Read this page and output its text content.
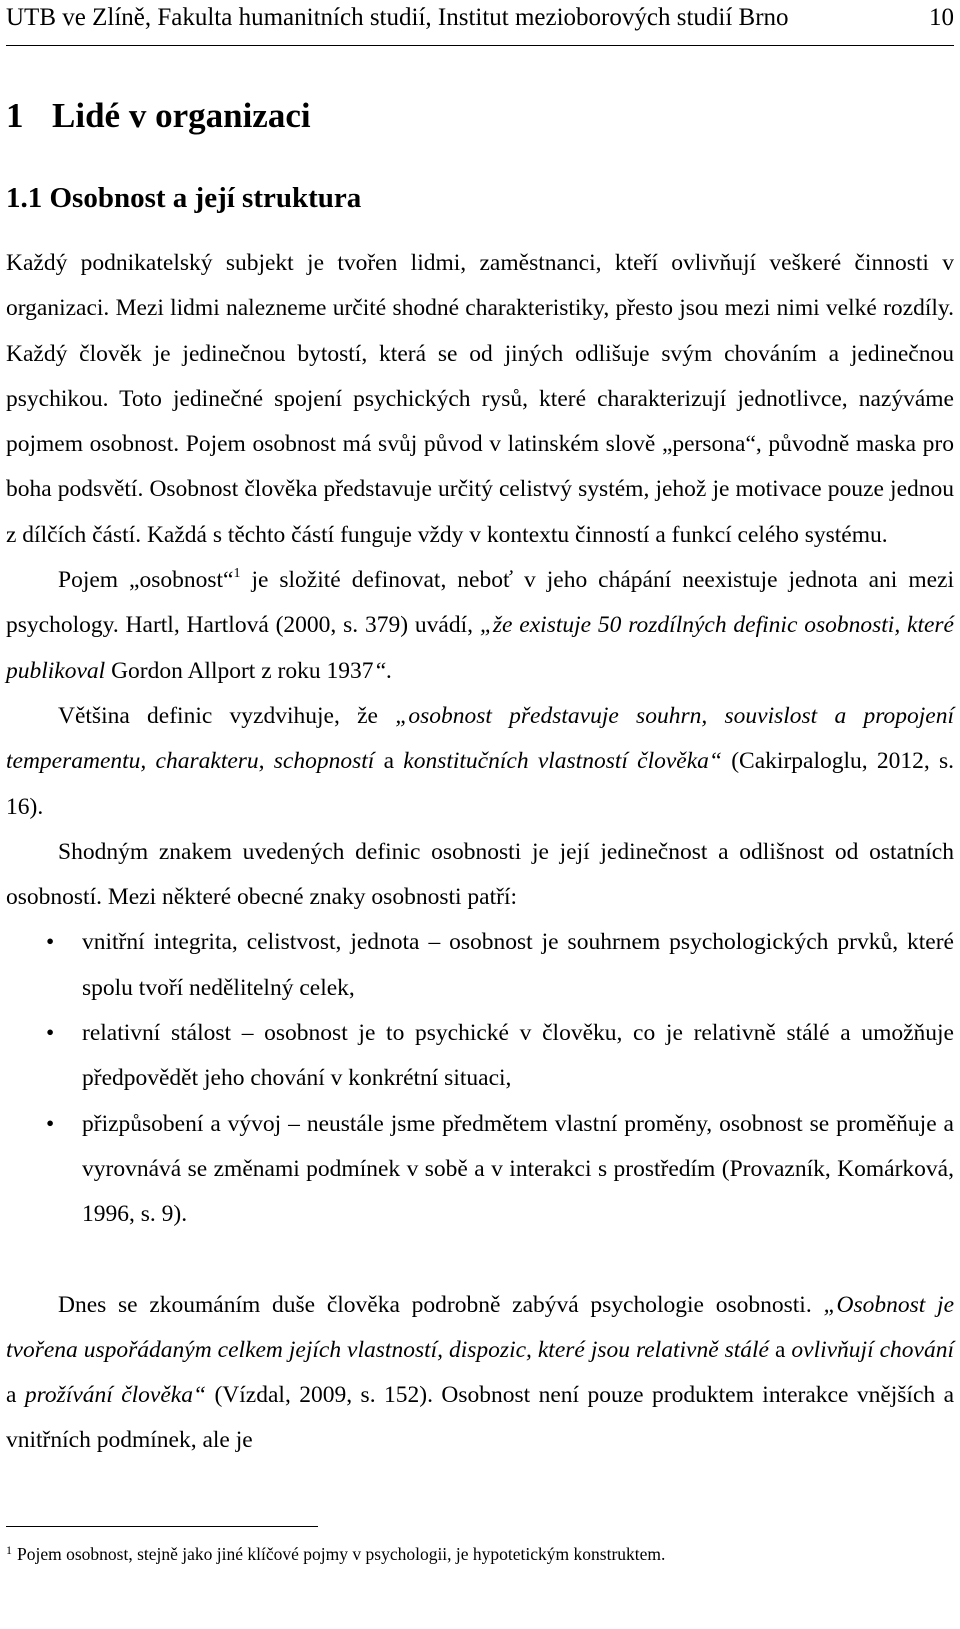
UTB ve Zlíně, Fakulta humanitních studií, Institut mezioborových studií Brno	10
1 Lidé v organizaci
1.1 Osobnost a její struktura

Každý podnikatelský subjekt je tvořen lidmi, zaměstnanci, kteří ovlivňují veškeré činnosti v organizaci. Mezi lidmi nalezneme určité shodné charakteristiky, přesto jsou mezi nimi velké rozdíly. Každý člověk je jedinečnou bytostí, která se od jiných odlišuje svým chováním a jedinečnou psychikou. Toto jedinečné spojení psychických rysů, které charakterizují jednotlivce, nazýváme pojmem osobnost. Pojem osobnost má svůj původ v latinském slově „persona“, původně maska pro boha podsvětí. Osobnost člověka představuje určitý celistvý systém, jehož je motivace pouze jednou z dílčích částí. Každá s těchto částí funguje vždy v kontextu činností a funkcí celého systému.

Pojem „osobnost“$^1$ je složité definovat, neboť v jeho chápání neexistuje jednota ani mezi psychology. Hartl, Hartlová (2000, s. 379) uvádí, „že existuje 50 rozdílných definic osobnosti, které publikoval Gordon Allport z roku 1937“.

Většina definic vyzdvihuje, že „osobnost představuje souhrn, souvislost a propojení temperamentu, charakteru, schopností a konstitučních vlastností člověka“ (Cakirpaloglu, 2012, s. 16).

Shodným znakem uvedených definic osobnosti je její jedinečnost a odlišnost od ostatních osobností. Mezi některé obecné znaky osobnosti patří:

•	vnitřní integrita, celistvost, jednota – osobnost je souhrnem psychologických prvků, které spolu tvoří nedělitelný celek,
•	relativní stálost – osobnost je to psychické v člověku, co je relativně stálé a umožňuje předpovědět jeho chování v konkrétní situaci,
•	přizpůsobení a vývoj – neustále jsme předmětem vlastní proměny, osobnost se proměňuje a vyrovnává se změnami podmínek v sobě a v interakci s prostředím (Provazník, Komárková, 1996, s. 9).

Dnes se zkoumáním duše člověka podrobně zabývá psychologie osobnosti. „Osobnost je tvořena uspořádaným celkem jejích vlastností, dispozic, které jsou relativně stálé a ovlivňují chování a prožívání člověka“ (Vízdal, 2009, s. 152). Osobnost není pouze produktem interakce vnějších a vnitřních podmínek, ale je

$^1$ Pojem osobnost, stejně jako jiné klíčové pojmy v psychologii, je hypotetickým konstruktem.
